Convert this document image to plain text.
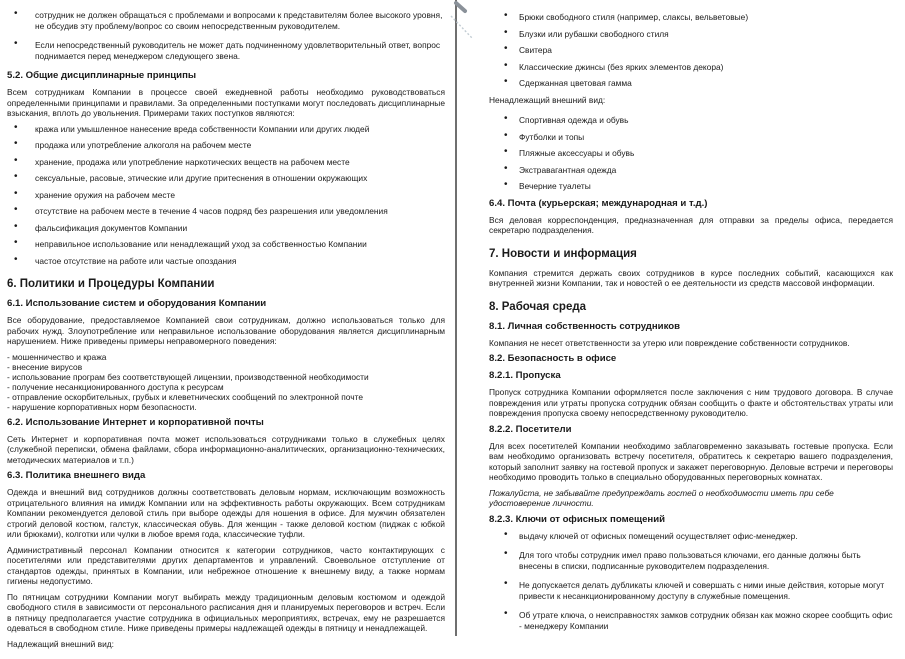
• сотрудник не должен обращаться с проблемами и вопросами к представителям более высокого уровня, не обсудив эту проблему/вопрос со своим непосредственным руководителем.
• Если непосредственный руководитель не может дать подчиненному удовлетворительный ответ, вопрос поднимается перед менеджером следующего звена.
5.2. Общие дисциплинарные принципы
Всем сотрудникам Компании в процессе своей ежедневной работы необходимо руководствоваться определенными принципами и правилами. За определенными поступками могут последовать дисциплинарные взыскания, вплоть до увольнения. Примерами таких поступков являются:
• кража или умышленное нанесение вреда собственности Компании или других людей
• продажа или употребление алкоголя на рабочем месте
• хранение, продажа или употребление наркотических веществ на рабочем месте
• сексуальные, расовые, этические или другие притеснения в отношении окружающих
• хранение оружия на рабочем месте
• отсутствие на рабочем месте в течение 4 часов подряд без разрешения или уведомления
• фальсификация документов Компании
• неправильное использование или ненадлежащий уход за собственностью Компании
• частое отсутствие на работе или частые опоздания
6. Политики и Процедуры Компании
6.1. Использование систем и оборудования Компании
Все оборудование, предоставляемое Компанией свои сотрудникам, должно использоваться только для рабочих нужд. Злоупотребление или неправильное использование оборудования является дисциплинарным нарушением. Ниже приведены примеры неправомерного поведения:
- мошенничество и кража
- внесение вирусов
- использование програм без соответствующей лицензии, производственной необходимости
- получение несанкционированного доступа к ресурсам
- отправление оскорбительных, грубых и клеветнических сообщений по электронной почте
- нарушение корпоративных норм безопасности.
6.2. Использование Интернет и корпоративной почты
Сеть Интернет и корпоративная почта может использоваться сотрудниками только в служебных целях (служебной переписки, обмена файлами, сбора информационно-аналитических, организационно-технических, методических материалов и т.п.)
6.3. Политика внешнего вида
Одежда и внешний вид сотрудников должны соответствовать деловым нормам, исключающим возможность отрицательного влияния на имидж Компании или на эффективность работы окружающих. Всем сотрудникам Компании рекомендуется деловой стиль при выборе одежды для ношения в офисе. Для мужчин обязателен строгий деловой костюм, галстук, классическая обувь. Для женщин - также деловой костюм (пиджак с юбкой или брюками), колготки или чулки в любое время года, классические туфли.
Административный персонал Компании относится к категории сотрудников, часто контактирующих с посетителями или представителями других департаментов и управлений. Своевольное отступление от стандартов одежды, принятых в Компании, или небрежное отношение к внешнему виду, а также нормам гигиены недопустимо.
По пятницам сотрудники Компании могут выбирать между традиционным деловым костюмом и одеждой свободного стиля в зависимости от персонального расписания дня и планируемых переговоров и встреч. Если в пятницу предполагается участие сотрудника в официальных мероприятиях, встречах, ему не разрешается одеваться в свободном стиле. Ниже приведены примеры надлежащей одежды в пятницу и ненадлежащей.
Надлежащий внешний вид:
• Брюки свободного стиля (например, слаксы, вельветовые)
• Блузки или рубашки свободного стиля
• Свитера
• Классические джинсы (без ярких элементов декора)
• Сдержанная цветовая гамма
Ненадлежащий внешний вид:
• Спортивная одежда и обувь
• Футболки и топы
• Пляжные аксессуары и обувь
• Экстравагантная одежда
• Вечерние туалеты
6.4. Почта (курьерская; международная и т.д.)
Вся деловая корреспонденция, предназначенная для отправки за пределы офиса, передается секретарю подразделения.
7. Новости и информация
Компания стремится держать своих сотрудников в курсе последних событий, касающихся как внутренней жизни Компании, так и новостей о ее деятельности из средств массовой информации.
8. Рабочая среда
8.1. Личная собственность сотрудников
Компания не несет ответственности за утерю или повреждение собственности сотрудников.
8.2. Безопасность в офисе
8.2.1. Пропуска
Пропуск сотрудника Компании оформляется после заключения с ним трудового договора. В случае повреждения или утраты пропуска сотрудник обязан сообщить о факте и обстоятельствах утраты или повреждения пропуска своему непосредственному руководителю.
8.2.2. Посетители
Для всех посетителей Компании необходимо заблаговременно заказывать гостевые пропуска. Если вам необходимо организовать встречу посетителя, обратитесь к секретарю вашего подразделения, который заполнит заявку на гостевой пропуск и закажет переговорную. Деловые встречи и переговоры необходимо проводить только в специально оборудованных переговорных комнатах.
Пожалуйста, не забывайте предупреждать гостей о необходимости иметь при себе удостоверение личности.
8.2.3. Ключи от офисных помещений
• выдачу ключей от офисных помещений осуществляет офис-менеджер.
• Для того чтобы сотрудник имел право пользоваться ключами, его данные должны быть внесены в списки, подписанные руководителем подразделения.
• Не допускается делать дубликаты ключей и совершать с ними иные действия, которые могут привести к несанкционированному доступу в служебные помещения.
• Об утрате ключа, о неисправностях замков сотрудник обязан как можно скорее сообщить офис - менеджеру Компании
